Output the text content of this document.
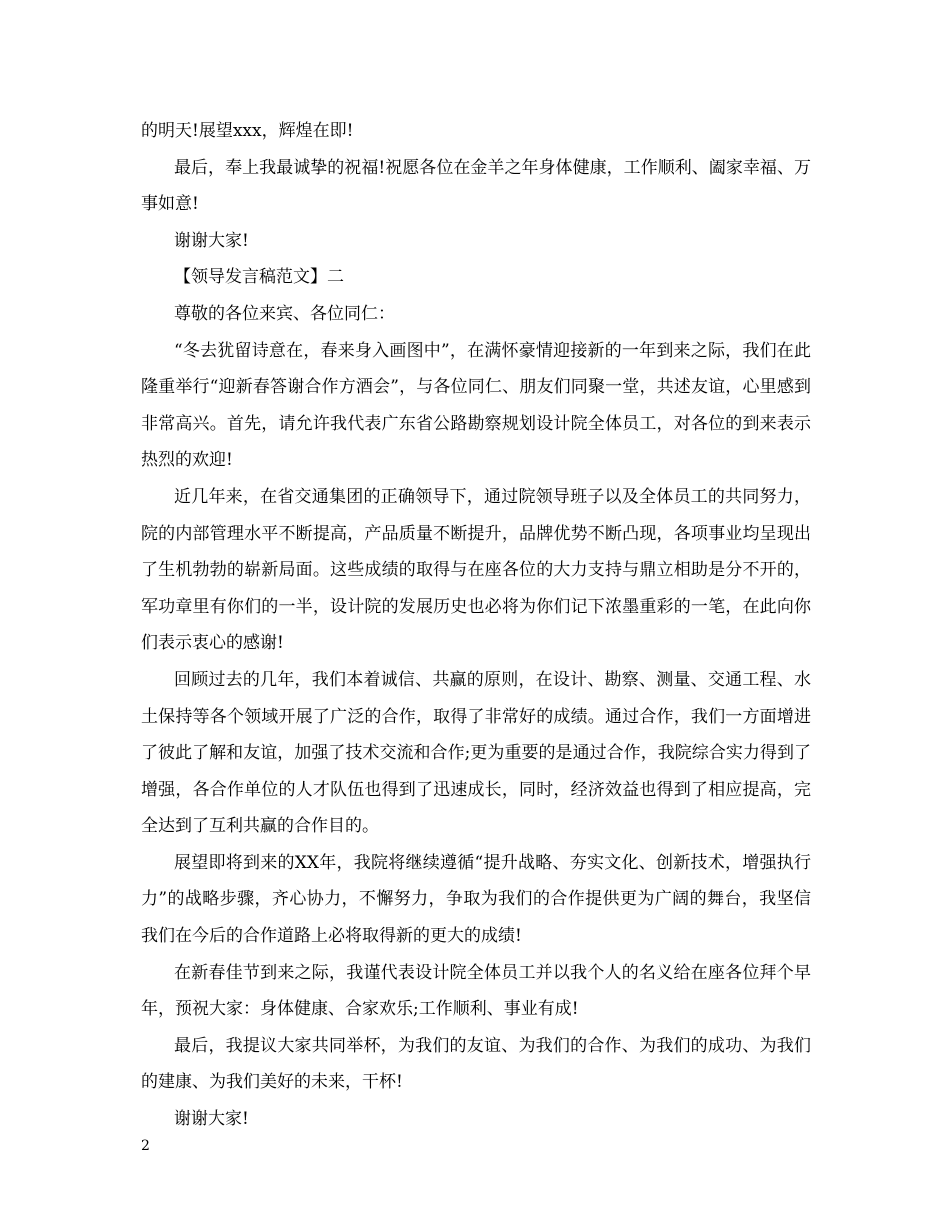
的明天!展望xxx，辉煌在即!

最后，奉上我最诚挚的祝福!祝愿各位在金羊之年身体健康，工作顺利、阖家幸福、万事如意!

谢谢大家!

【领导发言稿范文】二

尊敬的各位来宾、各位同仁：

“冬去犹留诗意在，春来身入画图中”，在满怀豪情迎接新的一年到来之际，我们在此隆重举行“迎新春答谢合作方酒会”，与各位同仁、朋友们同聚一堂，共述友谊，心里感到非常高兴。首先，请允许我代表广东省公路勘察规划设计院全体员工，对各位的到来表示热烈的欢迎!

近几年来，在省交通集团的正确领导下，通过院领导班子以及全体员工的共同努力，院的内部管理水平不断提高，产品质量不断提升，品牌优势不断凸现，各项事业均呈现出了生机勃勃的崭新局面。这些成绩的取得与在座各位的大力支持与鼎立相助是分不开的，军功章里有你们的一半，设计院的发展历史也必将为你们记下浓墨重彩的一笔，在此向你们表示衷心的感谢!

回顾过去的几年，我们本着诚信、共赢的原则，在设计、勘察、测量、交通工程、水土保持等各个领域开展了广泛的合作，取得了非常好的成绩。通过合作，我们一方面增进了彼此了解和友谊，加强了技术交流和合作;更为重要的是通过合作，我院综合实力得到了增强，各合作单位的人才队伍也得到了迅速成长，同时，经济效益也得到了相应提高，完全达到了互利共赢的合作目的。

展望即将到来的XX年，我院将继续遵循“提升战略、夯实文化、创新技术，增强执行力”的战略步骤，齐心协力，不懈努力，争取为我们的合作提供更为广阔的舞台，我坚信我们在今后的合作道路上必将取得新的更大的成绩!

在新春佳节到来之际，我谨代表设计院全体员工并以我个人的名义给在座各位拜个早年，预祝大家：身体健康、合家欢乐;工作顺利、事业有成!

最后，我提议大家共同举杯，为我们的友谊、为我们的合作、为我们的成功、为我们的建康、为我们美好的未来，干杯!

谢谢大家!

2
